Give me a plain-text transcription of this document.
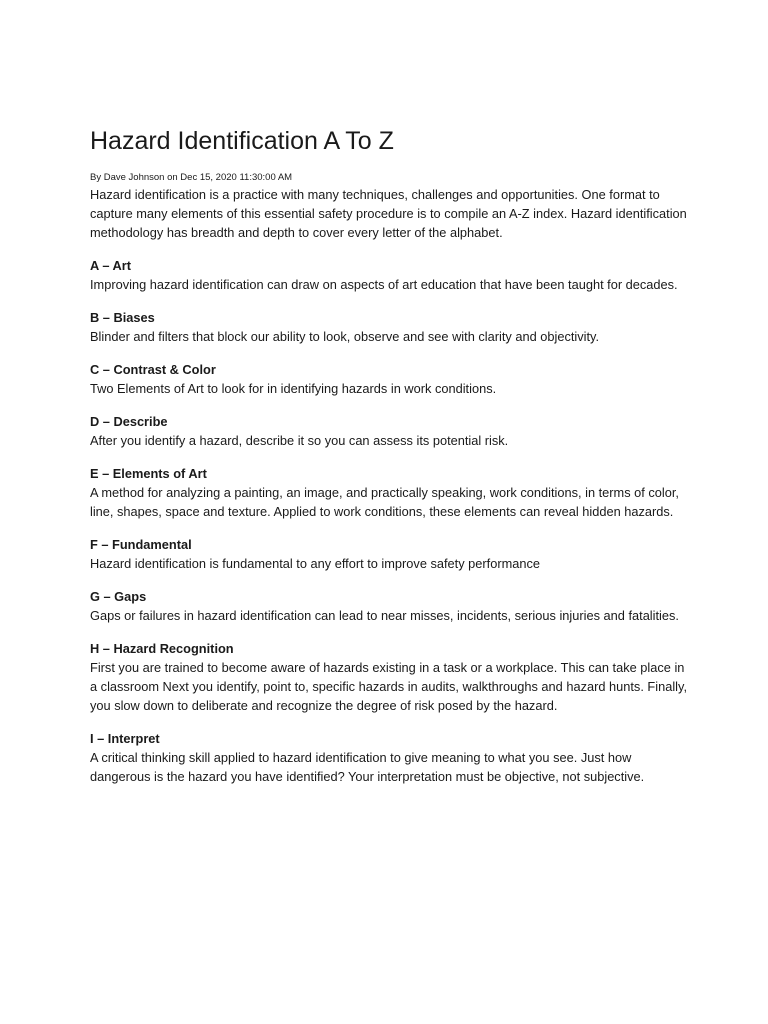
Hazard Identification A To Z
By Dave Johnson on Dec 15, 2020 11:30:00 AM

Hazard identification is a practice with many techniques, challenges and opportunities. One format to capture many elements of this essential safety procedure is to compile an A-Z index. Hazard identification methodology has breadth and depth to cover every letter of the alphabet.

A – Art

Improving hazard identification can draw on aspects of art education that have been taught for decades.

B – Biases

Blinder and filters that block our ability to look, observe and see with clarity and objectivity.

C – Contrast & Color

Two Elements of Art to look for in identifying hazards in work conditions.

D – Describe

After you identify a hazard, describe it so you can assess its potential risk.

E – Elements of Art

A method for analyzing a painting, an image, and practically speaking, work conditions, in terms of color, line, shapes, space and texture. Applied to work conditions, these elements can reveal hidden hazards.

F – Fundamental

Hazard identification is fundamental to any effort to improve safety performance

G – Gaps

Gaps or failures in hazard identification can lead to near misses, incidents, serious injuries and fatalities.

H – Hazard Recognition

First you are trained to become aware of hazards existing in a task or a workplace. This can take place in a classroom Next you identify, point to, specific hazards in audits, walkthroughs and hazard hunts. Finally, you slow down to deliberate and recognize the degree of risk posed by the hazard.

I – Interpret

A critical thinking skill applied to hazard identification to give meaning to what you see. Just how dangerous is the hazard you have identified? Your interpretation must be objective, not subjective.
